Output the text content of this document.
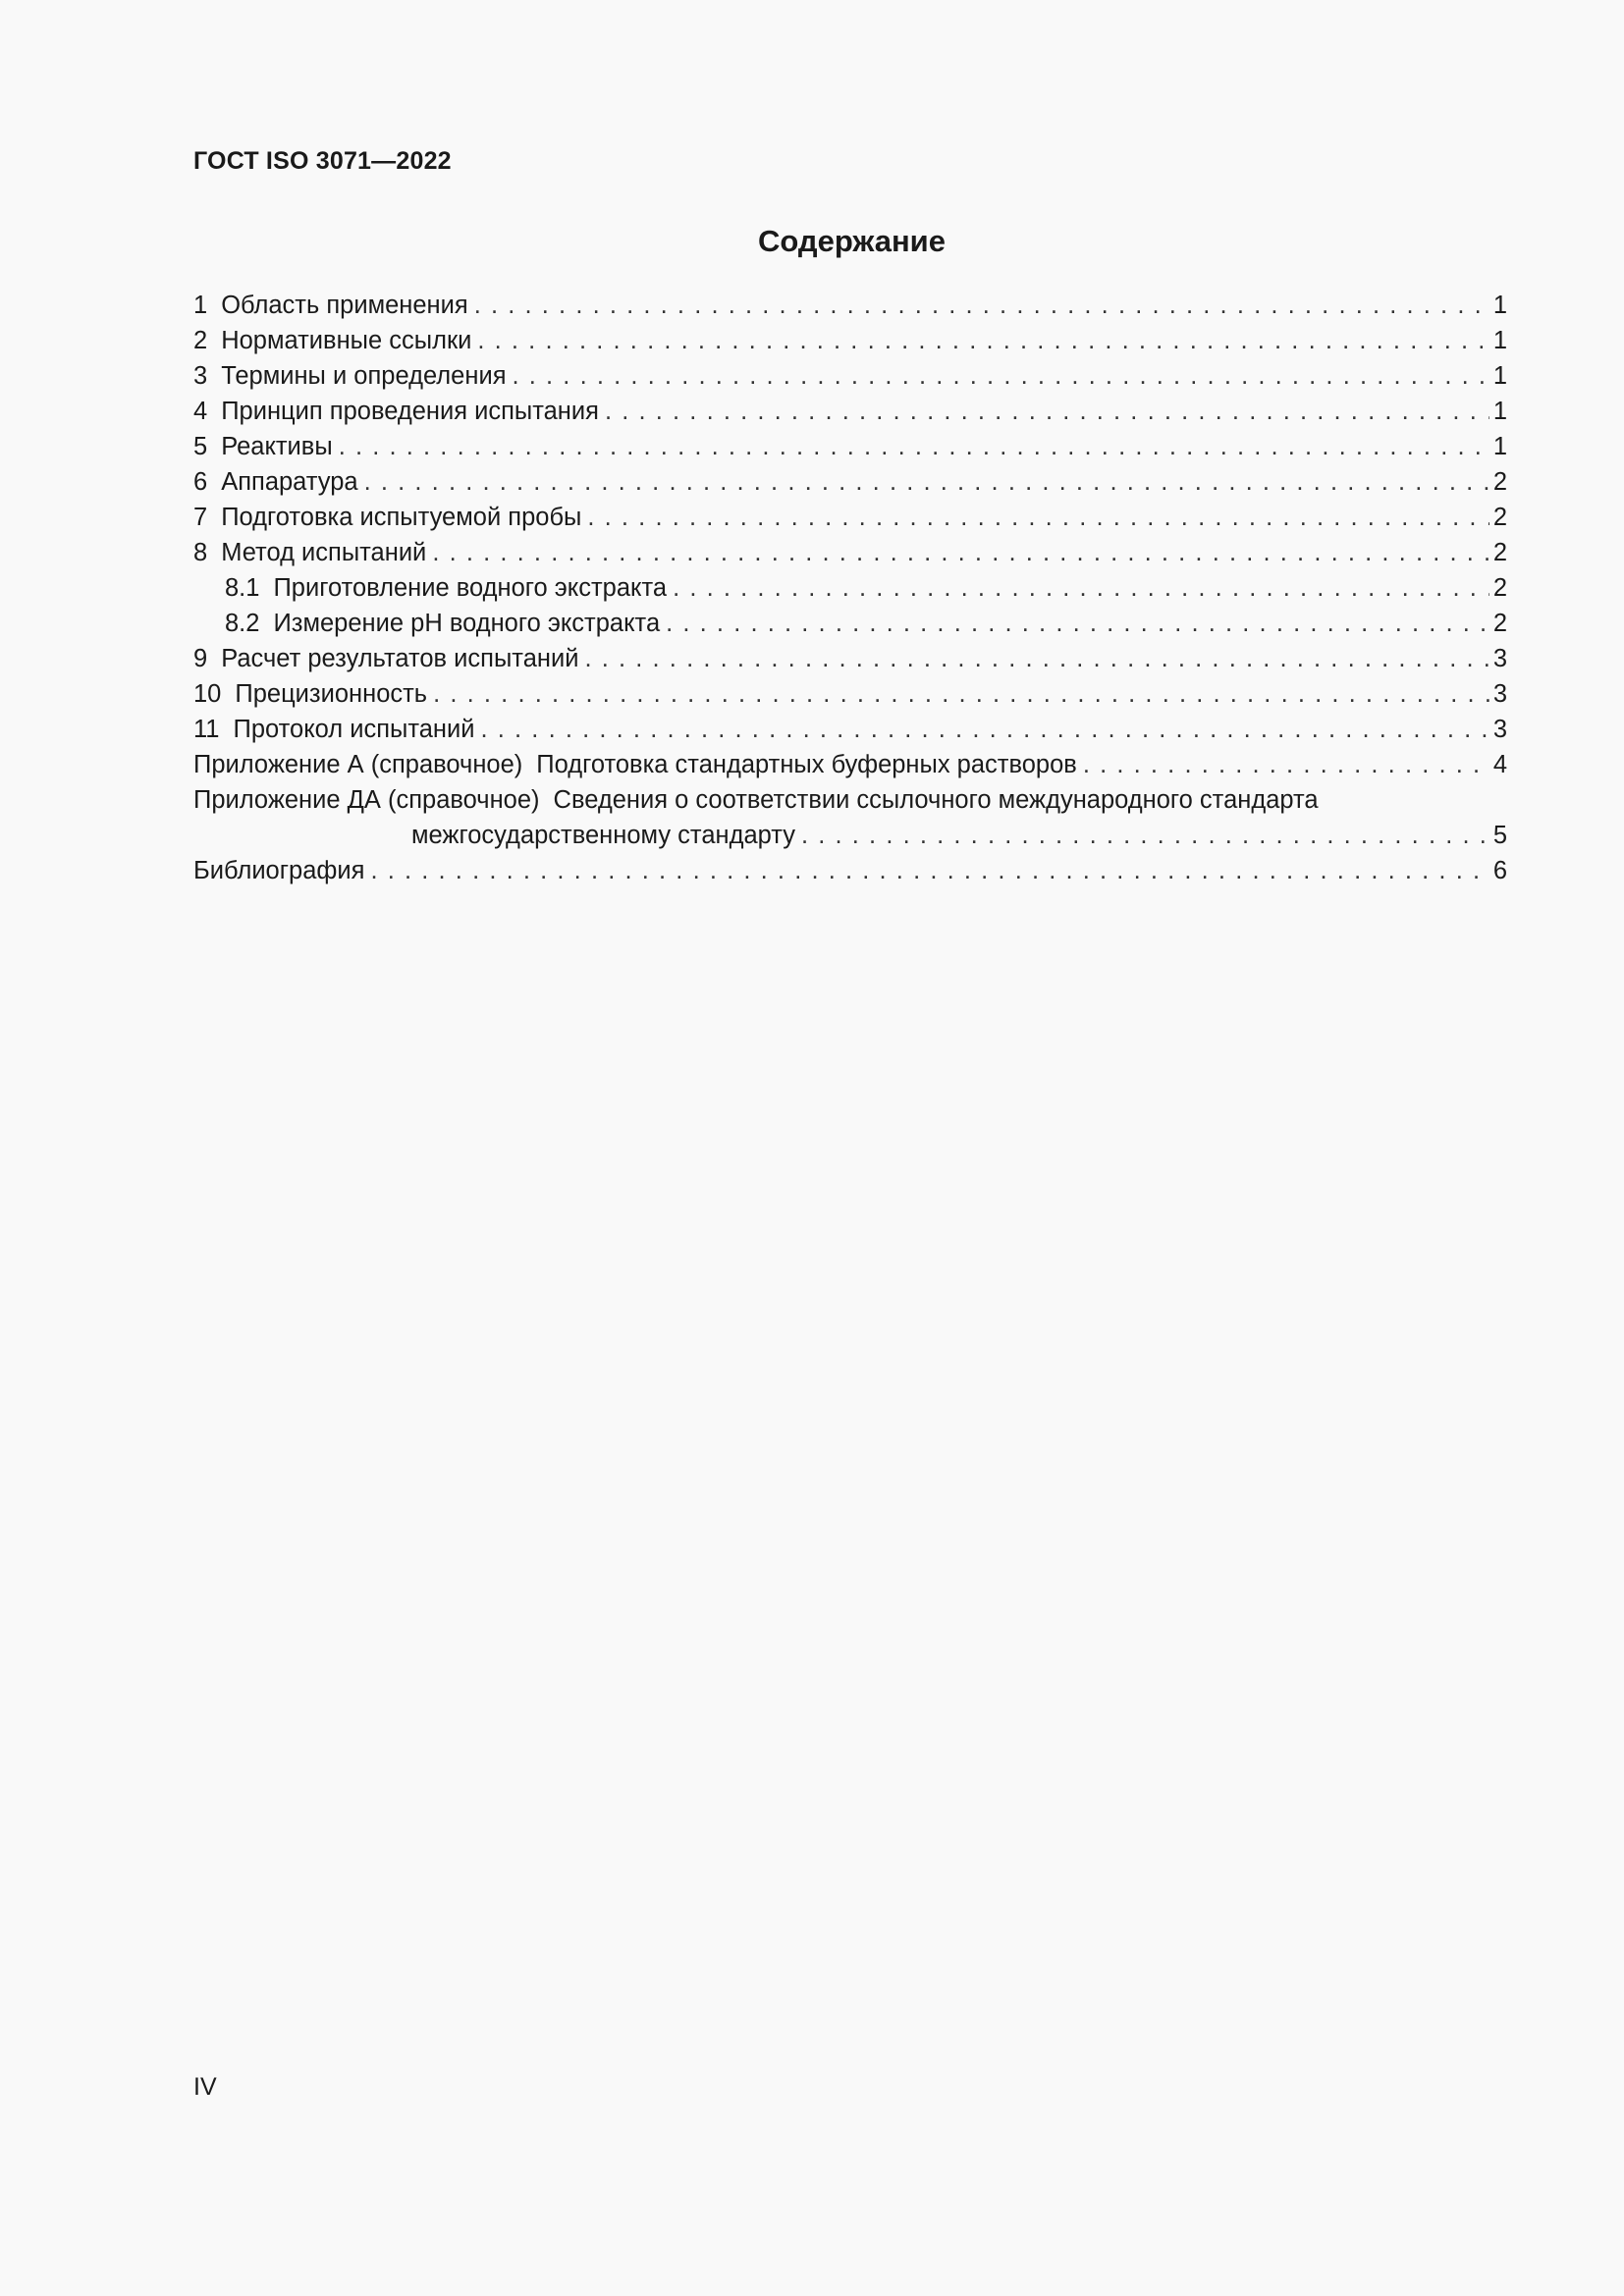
ГОСТ ISO 3071—2022
Содержание
1 Область применения . . .	1
2 Нормативные ссылки . . .	1
3 Термины и определения . . .	1
4 Принцип проведения испытания . . .	1
5 Реактивы . . .	1
6 Аппаратура . . .	2
7 Подготовка испытуемой пробы . . .	2
8 Метод испытаний . . .	2
8.1 Приготовление водного экстракта . . .	2
8.2 Измерение pH водного экстракта . . .	2
9 Расчет результатов испытаний . . .	3
10 Прецизионность . . .	3
11 Протокол испытаний . . .	3
Приложение А (справочное) Подготовка стандартных буферных растворов . . .	4
Приложение ДА (справочное) Сведения о соответствии ссылочного международного стандарта
межгосударственному стандарту . . .	5
Библиография . . .	6
IV
